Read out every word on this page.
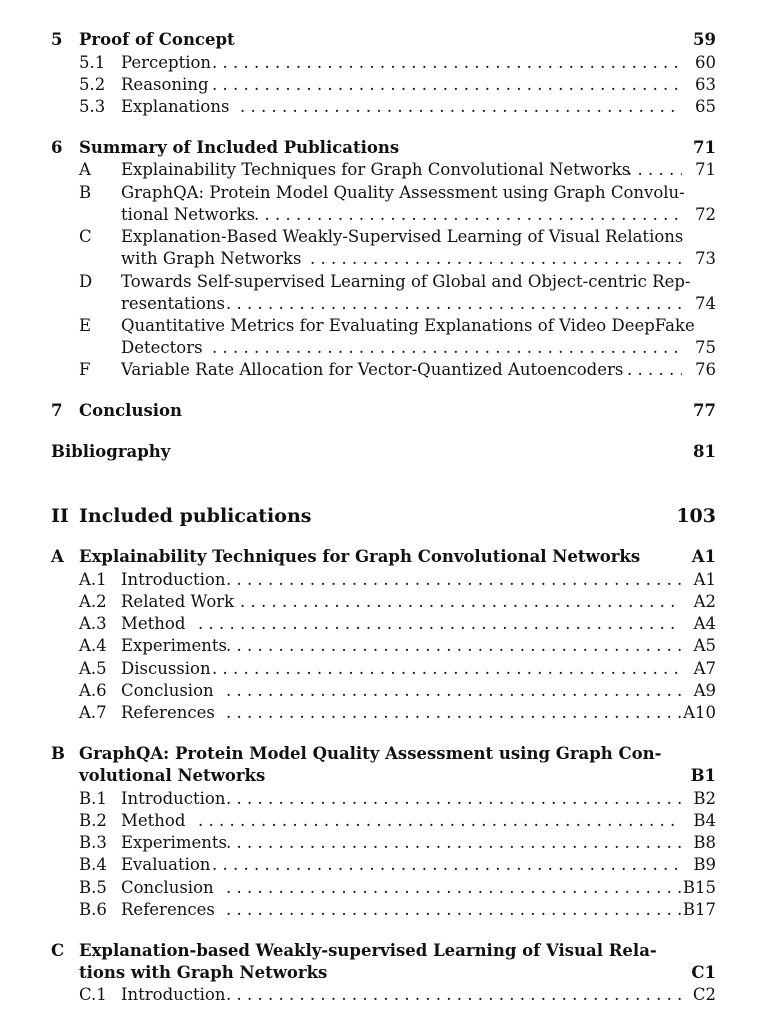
5 Proof of Concept	59
5.1 Perception . . .	60
5.2 Reasoning . . .	63
5.3 Explanations . . .	65
6 Summary of Included Publications	71
A Explainability Techniques for Graph Convolutional Networks . . .	71
B GraphQA: Protein Model Quality Assessment using Graph Convolu-
tional Networks . . .	72
C Explanation-Based Weakly-Supervised Learning of Visual Relations
with Graph Networks . . .	73
D Towards Self-supervised Learning of Global and Object-centric Rep-
resentations . . .	74
E Quantitative Metrics for Evaluating Explanations of Video DeepFake
Detectors . . .	75
F Variable Rate Allocation for Vector-Quantized Autoencoders . . .	76
7 Conclusion	77
Bibliography	81
II Included publications	103
A Explainability Techniques for Graph Convolutional Networks	A1
A.1 Introduction . . .	A1
A.2 Related Work . . .	A2
A.3 Method . . .	A4
A.4 Experiments . . .	A5
A.5 Discussion . . .	A7
A.6 Conclusion . . .	A9
A.7 References . . .	A10
B GraphQA: Protein Model Quality Assessment using Graph Con-
volutional Networks	B1
B.1 Introduction . . .	B2
B.2 Method . . .	B4
B.3 Experiments . . .	B8
B.4 Evaluation . . .	B9
B.5 Conclusion . . .	B15
B.6 References . . .	B17
C Explanation-based Weakly-supervised Learning of Visual Rela-
tions with Graph Networks	C1
C.1 Introduction . . .	C2
